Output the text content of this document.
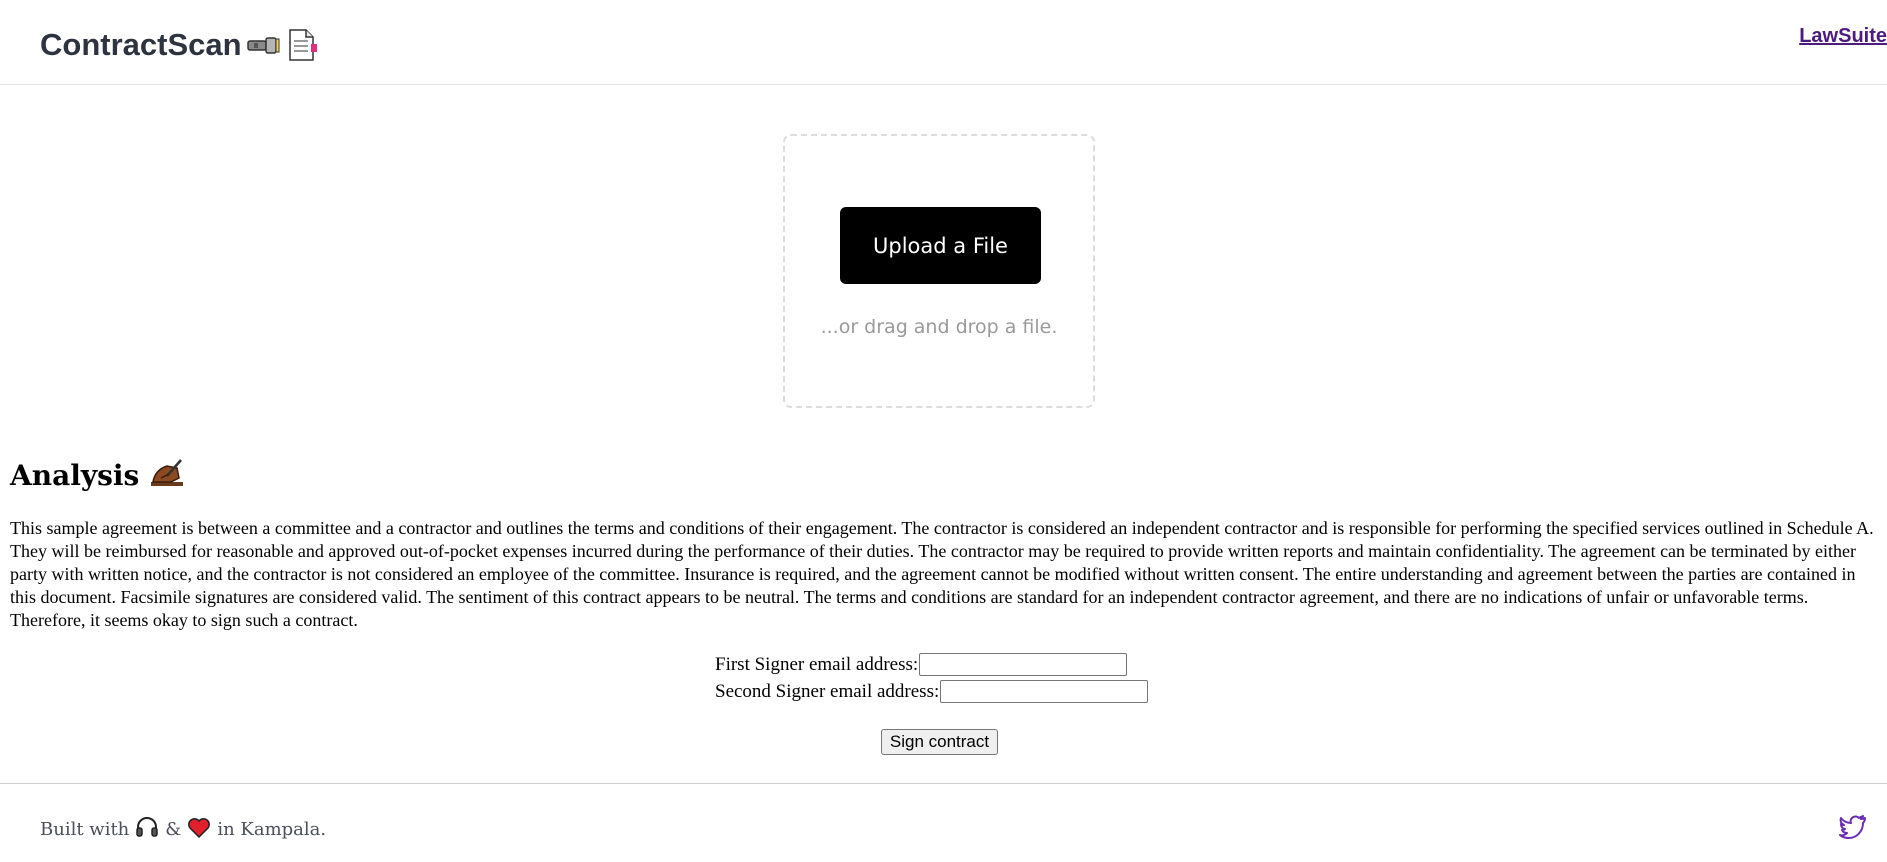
ContractScan	LawSuite
Upload a File
...or drag and drop a file.
Analysis

This sample agreement is between a committee and a contractor and outlines the terms and conditions of their engagement. The contractor is considered an independent contractor and is responsible for performing the specified services outlined in Schedule A. They will be reimbursed for reasonable and approved out-of-pocket expenses incurred during the performance of their duties. The contractor may be required to provide written reports and maintain confidentiality. The agreement can be terminated by either party with written notice, and the contractor is not considered an employee of the committee. Insurance is required, and the agreement cannot be modified without written consent. The entire understanding and agreement between the parties are contained in this document. Facsimile signatures are considered valid. The sentiment of this contract appears to be neutral. The terms and conditions are standard for an independent contractor agreement, and there are no indications of unfair or unfavorable terms. Therefore, it seems okay to sign such a contract.

First Signer email address:
Second Signer email address:
Sign contract
Built with & in Kampala.
